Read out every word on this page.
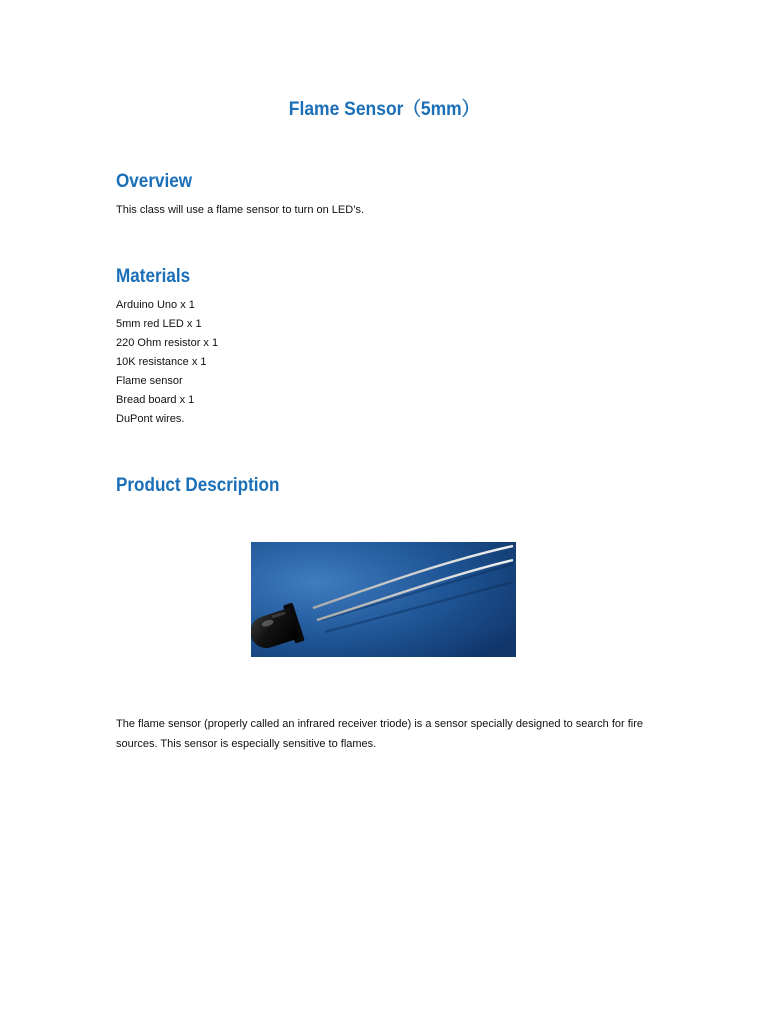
Flame Sensor（5mm）
Overview

This class will use a flame sensor to turn on LED’s.

Materials
Arduino Uno x 1
5mm red LED x 1
220 Ohm resistor x 1
10K resistance x 1
Flame sensor
Bread board x 1
DuPont wires.
Product Description

The flame sensor (properly called an infrared receiver triode) is a sensor specially designed to search for fire sources. This sensor is especially sensitive to flames.
